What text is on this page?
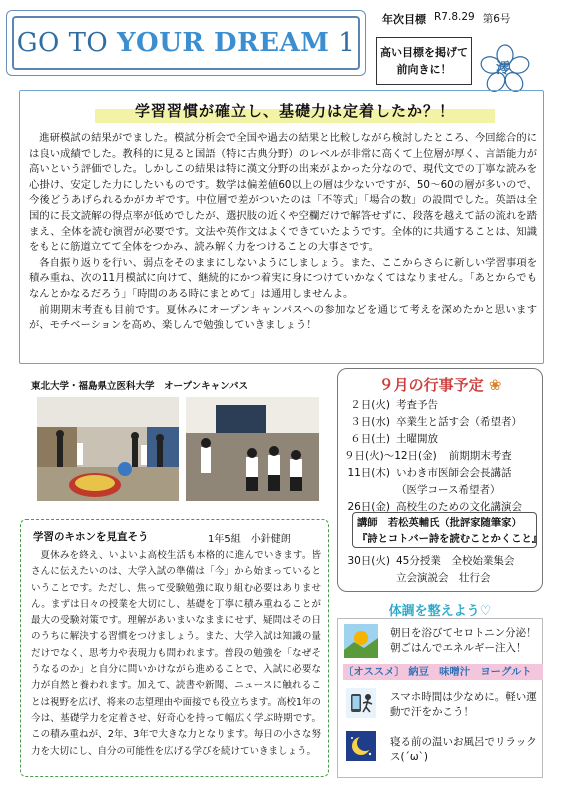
GO TO YOUR DREAM 1
年次目標 R7.8.29 第6号
高い目標を掲げて
前向きに！	澪
学習習慣が確立し、基礎力は定着したか？！

進研模試の結果がでました。模試分析会で全国や過去の結果と比較しながら検討したところ、今回総合的には良い成績でした。教科的に見ると国語（特に古典分野）のレベルが非常に高くて上位層が厚く、言語能力が高いという評価でした。しかしこの結果は特に漢文分野の出来がよかった分なので、現代文での丁寧な読みを心掛け、安定した力にしたいものです。数学は偏差値60以上の層は少ないですが、50～60の層が多いので、今後どうあげられるかがカギです。中位層で差がついたのは「不等式」「場合の数」の設問でした。英語は全国的に長文読解の得点率が低めでしたが、選択肢の近くや空欄だけで解答せずに、段落を越えて話の流れを踏まえ、全体を読む演習が必要です。文法や英作文はよくできていたようです。全体的に共通することは、知識をもとに筋道立てて全体をつかみ、読み解く力をつけることの大事さです。

各自振り返りを行い、弱点をそのままにしないようにしましょう。また、ここからさらに新しい学習事項を積み重ね、次の11月模試に向けて、継続的にかつ着実に身につけていかなくてはなりません。「あとからでもなんとかなるだろう」「時間のある時にまとめて」は通用しませんよ。

前期期末考査も目前です。夏休みにオープンキャンパスへの参加などを通じて考えを深めたかと思いますが、モチベーションを高め、楽しんで勉強していきましょう！

東北大学・福島県立医科大学　オープンキャンパス	９月の行事予定 ❀
２日(火) 考査予告
３日(水) 卒業生と話す会（希望者）
６日(土) 土曜開放
９日(火)～12日(金)	前期期末考査
11日(木) いわき市医師会会長講話
（医学コース希望者）
26日(金) 高校生のための文化講演会
30日(火) 45分授業　全校始業集会
立会演説会　壮行会
講師　若松英輔氏（批評家随筆家）
『詩とコトバー詩を読むことかくこと』
学習のキホンを見直そう	1年5組　小針健朗

夏休みを終え、いよいよ高校生活も本格的に進んでいきます。皆さんに伝えたいのは、大学入試の準備は「今」から始まっているということです。ただし、焦って受験勉強に取り組む必要はありません。まずは日々の授業を大切にし、基礎を丁寧に積み重ねることが最大の受験対策です。理解があいまいなままにせず、疑問はその日のうちに解決する習慣をつけましょう。また、大学入試は知識の量だけでなく、思考力や表現力も問われます。普段の勉強を「なぜそうなるのか」と自分に問いかけながら進めることで、入試に必要な力が自然と養われます。加えて、読書や新聞、ニュースに触れることは視野を広げ、将来の志望理由や面接でも役立ちます。高校1年の今は、基礎学力を定着させ、好奇心を持って幅広く学ぶ時期です。この積み重ねが、2年、3年で大きな力となります。毎日の小さな努力を大切にし、自分の可能性を広げる学びを続けていきましょう。

体調を整えよう♡
朝日を浴びてセロトニン分泌！朝ごはんでエネルギー注入！
〔オススメ〕 納豆　味噌汁　ヨーグルト
スマホ時間は少なめに。軽い運動で汗をかこう！
寝る前の温いお風呂でリラックス(´ω`)
